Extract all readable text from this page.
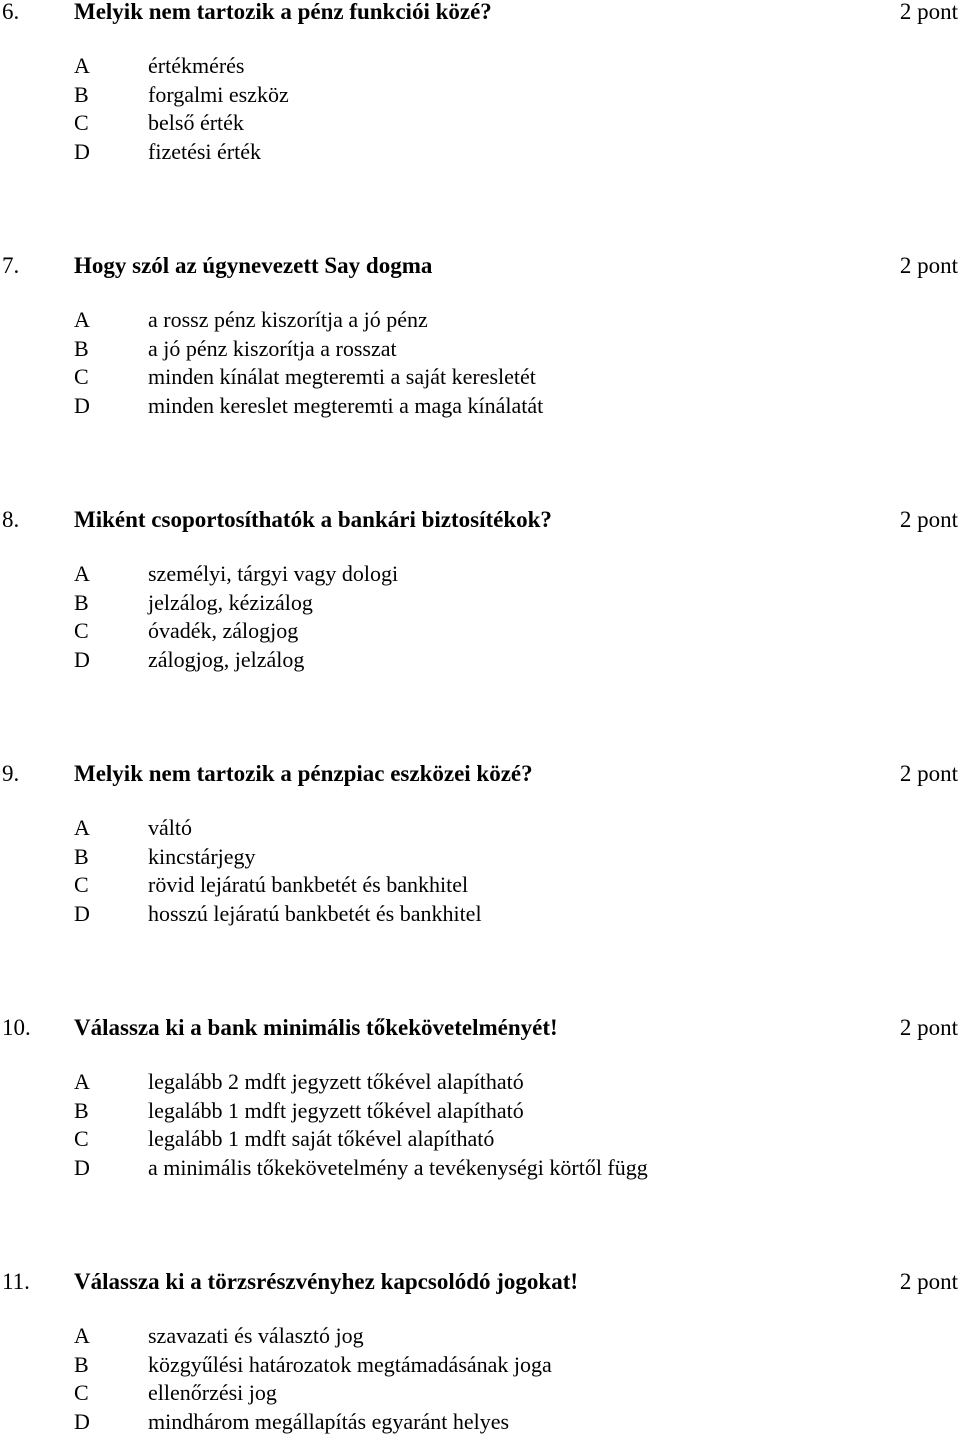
6. Melyik nem tartozik a pénz funkciói közé?	2 pont
A	értékmérés
B	forgalmi eszköz
C	belső érték
D	fizetési érték
7. Hogy szól az úgynevezett Say dogma	2 pont
A	a rossz pénz kiszorítja a jó pénz
B	a jó pénz kiszorítja a rosszat
C	minden kínálat megteremti a saját keresletét
D	minden kereslet megteremti a maga kínálatát
8. Miként csoportosíthatók a bankári biztosítékok?	2 pont
A	személyi, tárgyi vagy dologi
B	jelzálog, kézizálog
C	óvadék, zálogjog
D	zálogjog, jelzálog
9. Melyik nem tartozik a pénzpiac eszközei közé?	2 pont
A	váltó
B	kincstárjegy
C	rövid lejáratú bankbetét és bankhitel
D	hosszú lejáratú bankbetét és bankhitel
10. Válassza ki a bank minimális tőkekövetelményét!	2 pont
A	legalább 2 mdft jegyzett tőkével alapítható
B	legalább 1 mdft jegyzett tőkével alapítható
C	legalább 1 mdft saját tőkével alapítható
D	a minimális tőkekövetelmény a tevékenységi körtől függ
11. Válassza ki a törzsrészvényhez kapcsolódó jogokat!	2 pont
A	szavazati és választó jog
B	közgyűlési határozatok megtámadásának joga
C	ellenőrzési jog
D	mindhárom megállapítás egyaránt helyes
